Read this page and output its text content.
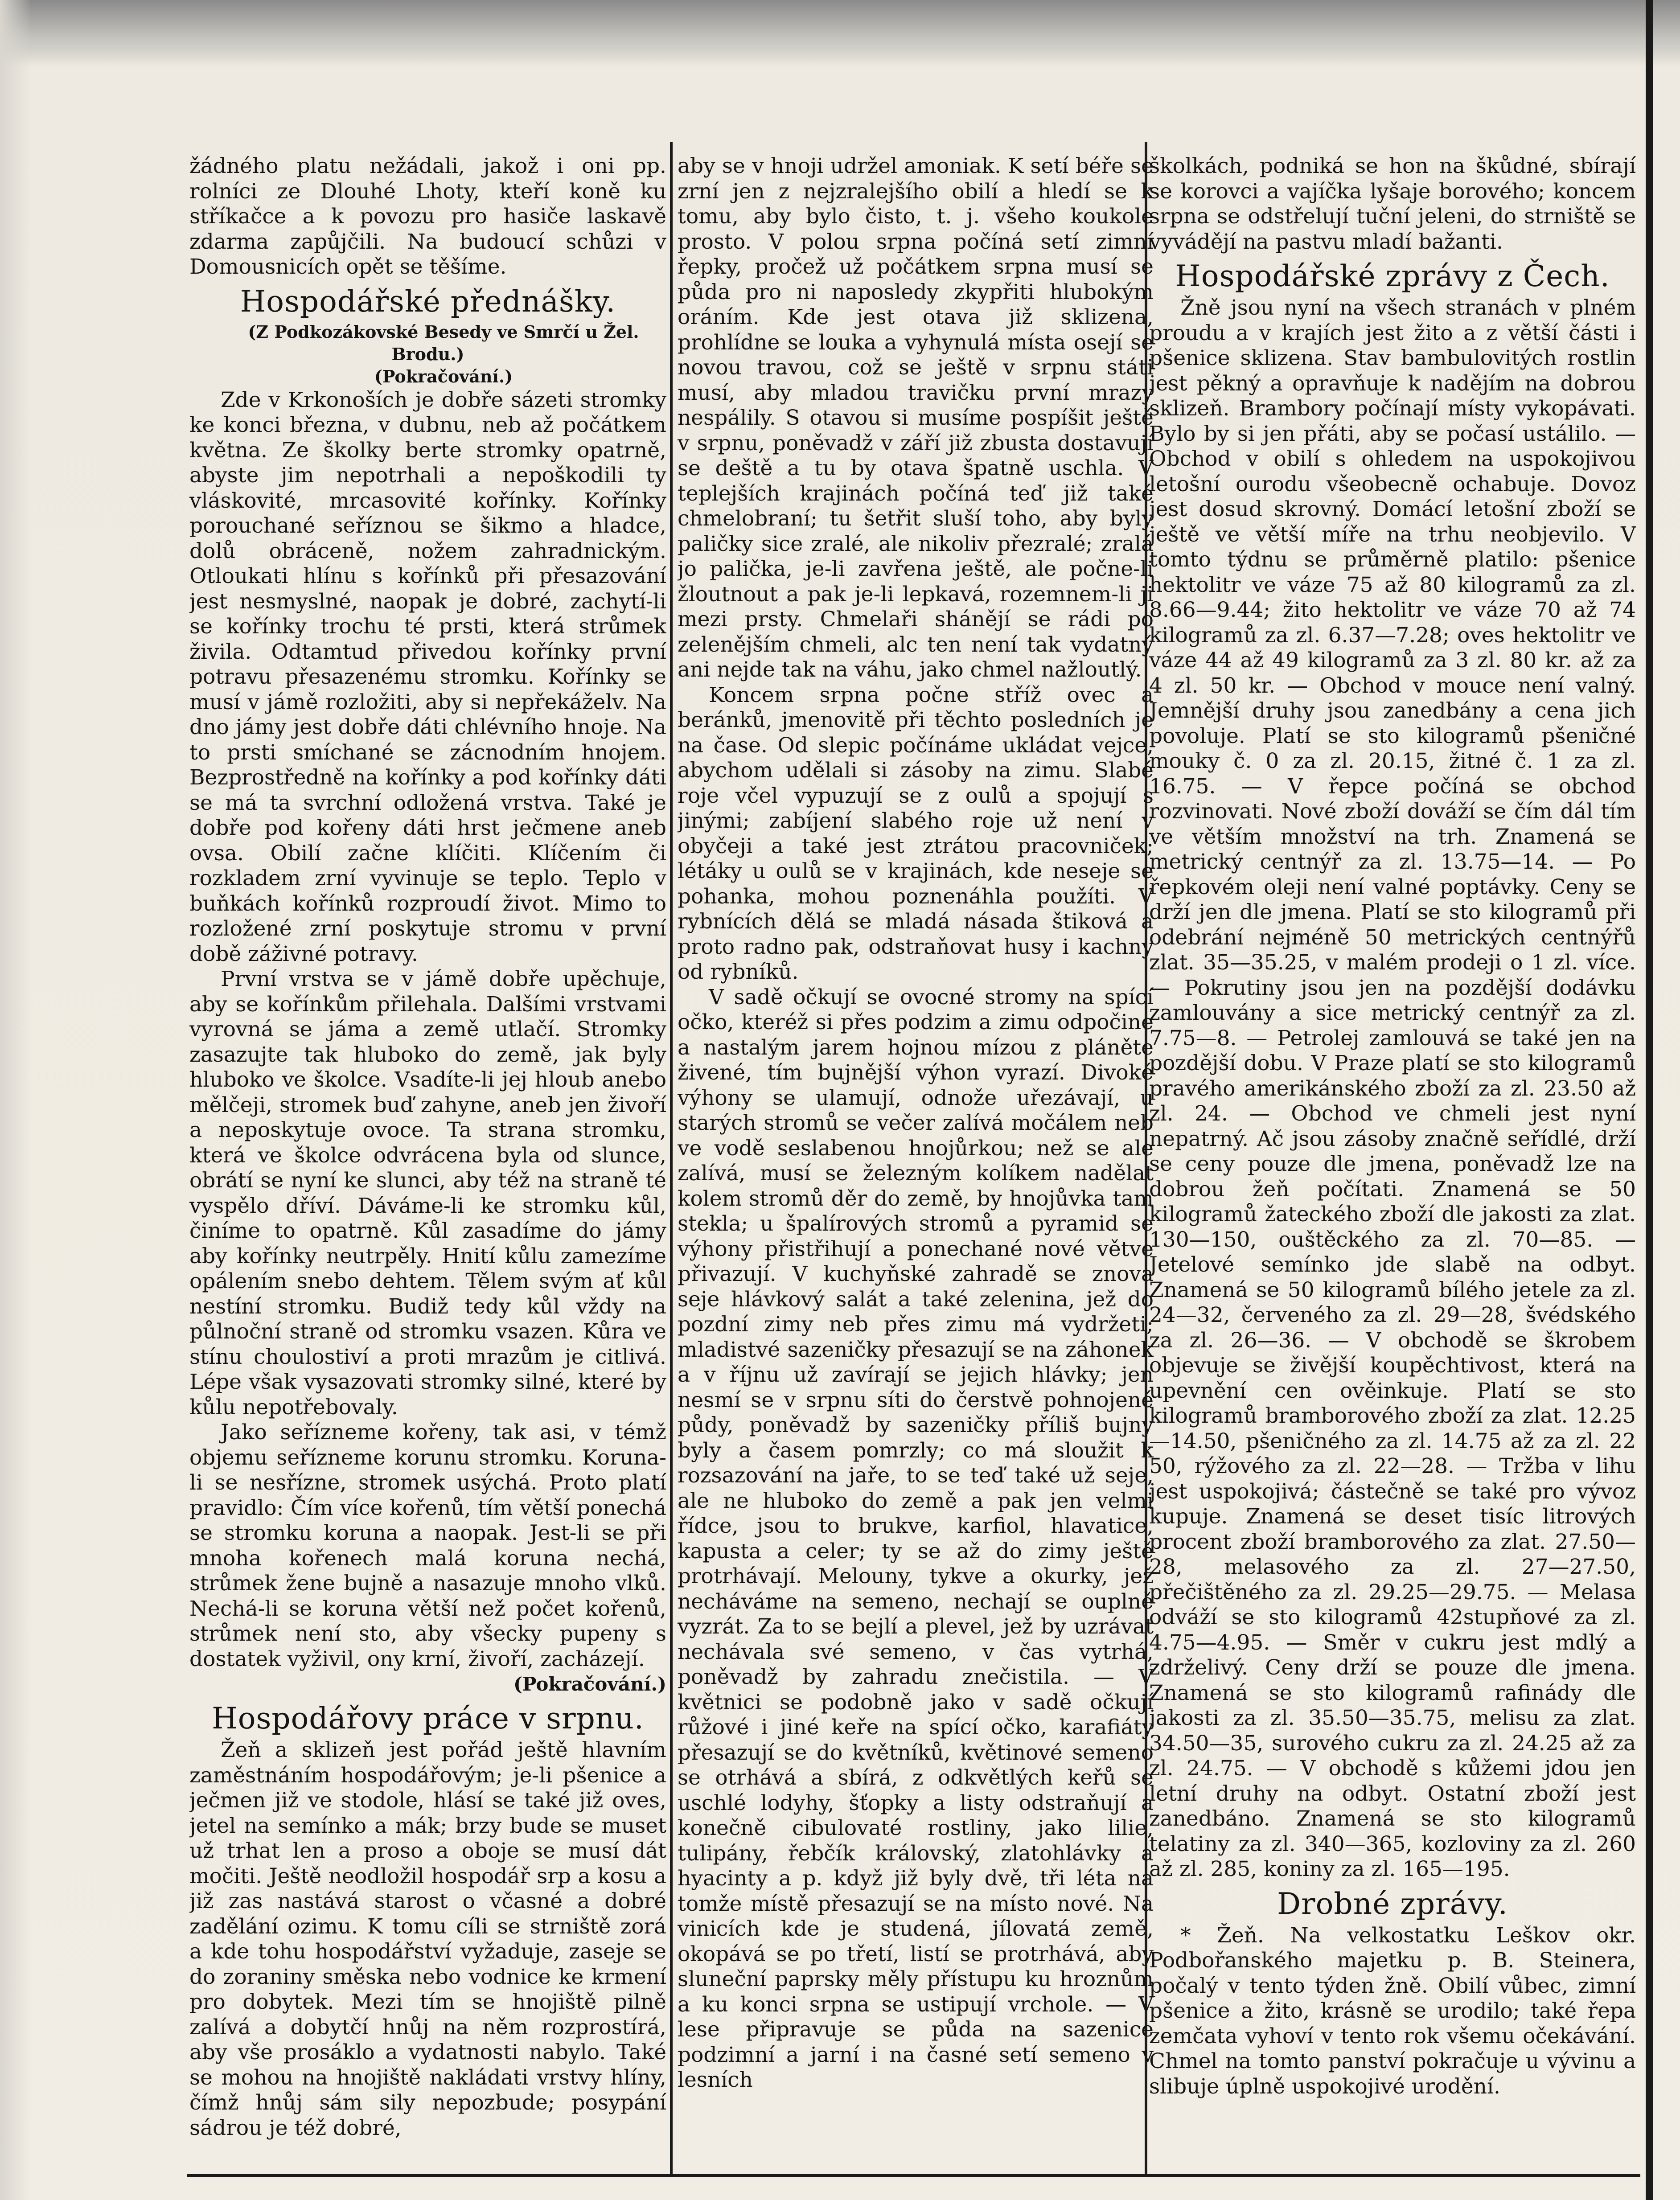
žádného platu nežádali, jakož i oni pp. rolníci ze Dlouhé Lhoty, kteří koně ku stříkačce a k povozu pro hasiče laskavě zdarma zapůjčili. Na budoucí schůzi v Domousnicích opět se těšíme.

Hospodářské přednášky.

(Z Podkozákovské Besedy ve Smrčí u Žel. Brodu.)

(Pokračování.)

Zde v Krkonoších je dobře sázeti stromky ke konci března, v dubnu, neb až počátkem května. Ze školky berte stromky opatrně, abyste jim nepotrhali a nepoškodili ty vláskovité, mrcasovité kořínky. Kořínky porouchané seříznou se šikmo a hladce, dolů obráceně, nožem zahradnickým. Otloukati hlínu s kořínků při přesazování jest nesmyslné, naopak je dobré, zachytí-li se kořínky trochu té prsti, která strůmek živila. Odtamtud přivedou kořínky první potravu přesazenému stromku. Kořínky se musí v jámě rozložiti, aby si nepřekáželv. Na dno jámy jest dobře dáti chlévního hnoje. Na to prsti smíchané se zácnodním hnojem. Bezprostředně na kořínky a pod kořínky dáti se má ta svrchní odložená vrstva. Také je dobře pod kořeny dáti hrst ječmene aneb ovsa. Obilí začne klíčiti. Klíčením či rozkladem zrní vyvinuje se teplo. Teplo v buňkách kořínků rozproudí život. Mimo to rozložené zrní poskytuje stromu v první době záživné potravy.

První vrstva se v jámě dobře upěchuje, aby se kořínkům přilehala. Dalšími vrstvami vyrovná se jáma a země utlačí. Stromky zasazujte tak hluboko do země, jak byly hluboko ve školce. Vsadíte-li jej hloub anebo mělčeji, stromek buď zahyne, aneb jen živoří a neposkytuje ovoce. Ta strana stromku, která ve školce odvrácena byla od slunce, obrátí se nyní ke slunci, aby též na straně té vyspělo dříví. Dáváme-li ke stromku kůl, činíme to opatrně. Kůl zasadíme do jámy aby kořínky neutrpěly. Hnití kůlu zamezíme opálením snebo dehtem. Tělem svým ať kůl nestíní stromku. Budiž tedy kůl vždy na půlnoční straně od stromku vsazen. Kůra ve stínu choulostiví a proti mrazům je citlivá. Lépe však vysazovati stromky silné, které by kůlu nepotřebovaly.

Jako seřízneme kořeny, tak asi, v témž objemu seřízneme korunu stromku. Koruna-li se nesřízne, stromek usýchá. Proto platí pravidlo: Čím více kořenů, tím větší ponechá se stromku koruna a naopak. Jest-li se při mnoha kořenech malá koruna nechá, strůmek žene bujně a nasazuje mnoho vlků. Nechá-li se koruna větší než počet kořenů, strůmek není sto, aby všecky pupeny s dostatek vyživil, ony krní, živoří, zacházejí.

(Pokračování.)

Hospodářovy práce v srpnu.

Žeň a sklizeň jest pořád ještě hlavním zaměstnáním hospodářovým; je-li pšenice a ječmen již ve stodole, hlásí se také již oves, jetel na semínko a mák; brzy bude se muset už trhat len a proso a oboje se musí dát močiti. Ještě neodložil hospodář srp a kosu a již zas nastává starost o včasné a dobré zadělání ozimu. K tomu cíli se strniště zorá a kde tohu hospodářství vyžaduje, zaseje se do zoraniny směska nebo vodnice ke krmení pro dobytek. Mezi tím se hnojiště pilně zalívá a dobytčí hnůj na něm rozprostírá, aby vše prosáklo a vydatnosti nabylo. Také se mohou na hnojiště nakládati vrstvy hlíny, čímž hnůj sám sily nepozbude; posypání sádrou je též dobré,

aby se v hnoji udržel amoniak. K setí béře se zrní jen z nejzralejšího obilí a hledí se k tomu, aby bylo čisto, t. j. všeho koukole prosto. V polou srpna počíná setí zimní řepky, pročež už počátkem srpna musí se půda pro ni naposledy zkypřiti hlubokým oráním. Kde jest otava již sklizena, prohlídne se louka a vyhynulá místa osejí se novou travou, což se ještě v srpnu státi musí, aby mladou travičku první mrazy nespálily. S otavou si musíme pospíšit ještě v srpnu, poněvadž v září již zbusta dostavují se deště a tu by otava špatně uschla. V teplejších krajinách počíná teď již také chmelobraní; tu šetřit sluší toho, aby byly paličky sice zralé, ale nikoliv přezralé; zralá jo palička, je-li zavřena ještě, ale počne-li žloutnout a pak je-li lepkavá, rozemnem-li ji mezi prsty. Chmelaři shánějí se rádi po zelenějším chmeli, alc ten není tak vydatný ani nejde tak na váhu, jako chmel nažloutlý.

Koncem srpna počne stříž ovec a beránků, jmenovitě při těchto posledních je na čase. Od slepic počínáme ukládat vejce, abychom udělali si zásoby na zimu. Slabé roje včel vypuzují se z oulů a spojují s jinými; zabíjení slabého roje už není v obyčeji a také jest ztrátou pracovniček; létáky u oulů se v krajinách, kde neseje se pohanka, mohou poznenáhla použíti. V rybnících dělá se mladá násada štiková a proto radno pak, odstraňovat husy i kachny od rybníků.

V sadě očkují se ovocné stromy na spící očko, kteréž si přes podzim a zimu odpočine a nastalým jarem hojnou mízou z pláněte živené, tím bujnější výhon vyrazí. Divoké výhony se ulamují, odnože uřezávají, u starých stromů se večer zalívá močálem neb ve vodě seslabenou hnojůrkou; než se ale zalívá, musí se železným kolíkem nadělat kolem stromů děr do země, by hnojůvka tam stekla; u špalírových stromů a pyramid se výhony přistřihují a ponechané nové větve přivazují. V kuchyňské zahradě se znova seje hlávkový salát a také zelenina, jež do pozdní zimy neb přes zimu má vydržeti; mladistvé sazeničky přesazují se na záhonek a v říjnu už zavírají se jejich hlávky; jen nesmí se v srpnu síti do čerstvě pohnojené půdy, poněvadž by sazeničky příliš bujny byly a časem pomrzly; co má sloužit k rozsazování na jaře, to se teď také už seje, ale ne hluboko do země a pak jen velmi řídce, jsou to brukve, karfiol, hlavatice, kapusta a celer; ty se až do zimy ještě protrhávají. Melouny, tykve a okurky, jež necháváme na semeno, nechají se ouplně vyzrát. Za to se bejlí a plevel, jež by uzrávat nechávala své semeno, v čas vytrhá, poněvadž by zahradu znečistila. — V květnici se podobně jako v sadě očkují růžové i jiné keře na spící očko, karafiáty přesazují se do květníků, květinové semeno se otrhává a sbírá, z odkvětlých keřů se uschlé lodyhy, šťopky a listy odstraňují a konečně cibulovaté rostliny, jako lilie, tulipány, řebčík královský, zlatohlávky a hyacinty a p. když již byly dvě, tři léta na tomže místě přesazují se na místo nové. Na vinicích kde je studená, jílovatá země, okopává se po třetí, listí se protrhává, aby sluneční paprsky měly přístupu ku hroznům a ku konci srpna se ustipují vrchole. — V lese připravuje se půda na sazenice podzimní a jarní i na časné setí semeno v lesních

školkách, podniká se hon na škůdné, sbírají se korovci a vajíčka lyšaje borového; koncem srpna se odstřelují tuční jeleni, do strniště se vyvádějí na pastvu mladí bažanti.

Hospodářské zprávy z Čech.

Žně jsou nyní na všech stranách v plném proudu a v krajích jest žito a z větší části i pšenice sklizena. Stav bambulovitých rostlin jest pěkný a opravňuje k nadějím na dobrou sklizeň. Brambory počínají místy vykopávati. Bylo by si jen přáti, aby se počasí ustálilo. — Obchod v obilí s ohledem na uspokojivou letošní ourodu všeobecně ochabuje. Dovoz jest dosud skrovný. Domácí letošní zboží se ještě ve větší míře na trhu neobjevilo. V tomto týdnu se průměrně platilo: pšenice hektolitr ve váze 75 až 80 kilogramů za zl. 8.66—9.44; žito hektolitr ve váze 70 až 74 kilogramů za zl. 6.37—7.28; oves hektolitr ve váze 44 až 49 kilogramů za 3 zl. 80 kr. až za 4 zl. 50 kr. — Obchod v mouce není valný. Jemnější druhy jsou zanedbány a cena jich povoluje. Platí se sto kilogramů pšeničné mouky č. 0 za zl. 20.15, žitné č. 1 za zl. 16.75. — V řepce počíná se obchod rozvinovati. Nové zboží dováží se čím dál tím ve větším množství na trh. Znamená se metrický centnýř za zl. 13.75—14. — Po řepkovém oleji není valné poptávky. Ceny se drží jen dle jmena. Platí se sto kilogramů při odebrání nejméně 50 metrických centnýřů zlat. 35—35.25, v malém prodeji o 1 zl. více. — Pokrutiny jsou jen na pozdější dodávku zamlouvány a sice metrický centnýř za zl. 7.75—8. — Petrolej zamlouvá se také jen na pozdější dobu. V Praze platí se sto kilogramů pravého amerikánského zboží za zl. 23.50 až zl. 24. — Obchod ve chmeli jest nyní nepatrný. Ač jsou zásoby značně seřídlé, drží se ceny pouze dle jmena, poněvadž lze na dobrou žeň počítati. Znamená se 50 kilogramů žateckého zboží dle jakosti za zlat. 130—150, ouštěckého za zl. 70—85. — Jetelové semínko jde slabě na odbyt. Znamená se 50 kilogramů bílého jetele za zl. 24—32, červeného za zl. 29—28, švédského za zl. 26—36. — V obchodě se škrobem objevuje se živější koupěchtivost, která na upevnění cen ověinkuje. Platí se sto kilogramů bramborového zboží za zlat. 12.25—14.50, pšeničného za zl. 14.75 až za zl. 22 50, rýžového za zl. 22—28. — Tržba v lihu jest uspokojivá; částečně se také pro vývoz kupuje. Znamená se deset tisíc litrových procent zboží bramborového za zlat. 27.50—28, melasového za zl. 27—27.50, přečištěného za zl. 29.25—29.75. — Melasa odváží se sto kilogramů 42stupňové za zl. 4.75—4.95. — Směr v cukru jest mdlý a zdrželivý. Ceny drží se pouze dle jmena. Znamená se sto kilogramů rafinády dle jakosti za zl. 35.50—35.75, melisu za zlat. 34.50—35, surového cukru za zl. 24.25 až za zl. 24.75. — V obchodě s kůžemi jdou jen letní druhy na odbyt. Ostatní zboží jest zanedbáno. Znamená se sto kilogramů telatiny za zl. 340—365, kozloviny za zl. 260 až zl. 285, koniny za zl. 165—195.

Drobné zprávy.

* Žeň. Na velkostatku Leškov okr. Podbořanského majetku p. B. Steinera, počalý v tento týden žně. Obilí vůbec, zimní pšenice a žito, krásně se urodilo; také řepa zemčata vyhoví v tento rok všemu očekávání. Chmel na tomto panství pokračuje u vývinu a slibuje úplně uspokojivé urodění.
